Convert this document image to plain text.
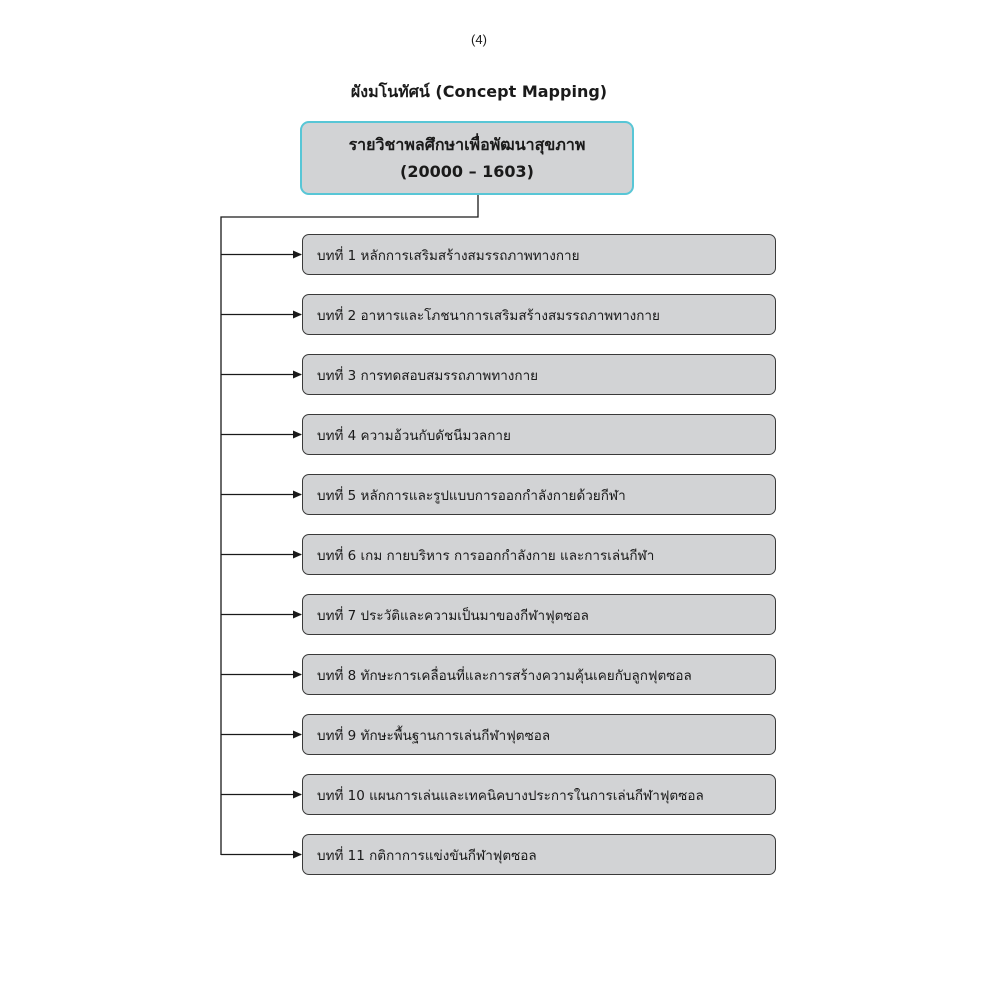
(4)
ผังมโนทัศน์ (Concept Mapping)
รายวิชาพลศึกษาเพื่อพัฒนาสุขภาพ
(20000 – 1603)
บทที่ 1 หลักการเสริมสร้างสมรรถภาพทางกาย
บทที่ 2 อาหารและโภชนาการเสริมสร้างสมรรถภาพทางกาย
บทที่ 3 การทดสอบสมรรถภาพทางกาย
บทที่ 4 ความอ้วนกับดัชนีมวลกาย
บทที่ 5 หลักการและรูปแบบการออกกำลังกายด้วยกีฬา
บทที่ 6 เกม กายบริหาร การออกกำลังกาย และการเล่นกีฬา
บทที่ 7 ประวัติและความเป็นมาของกีฬาฟุตซอล
บทที่ 8 ทักษะการเคลื่อนที่และการสร้างความคุ้นเคยกับลูกฟุตซอล
บทที่ 9 ทักษะพื้นฐานการเล่นกีฬาฟุตซอล
บทที่ 10 แผนการเล่นและเทคนิคบางประการในการเล่นกีฬาฟุตซอล
บทที่ 11 กติกาการแข่งขันกีฬาฟุตซอล
